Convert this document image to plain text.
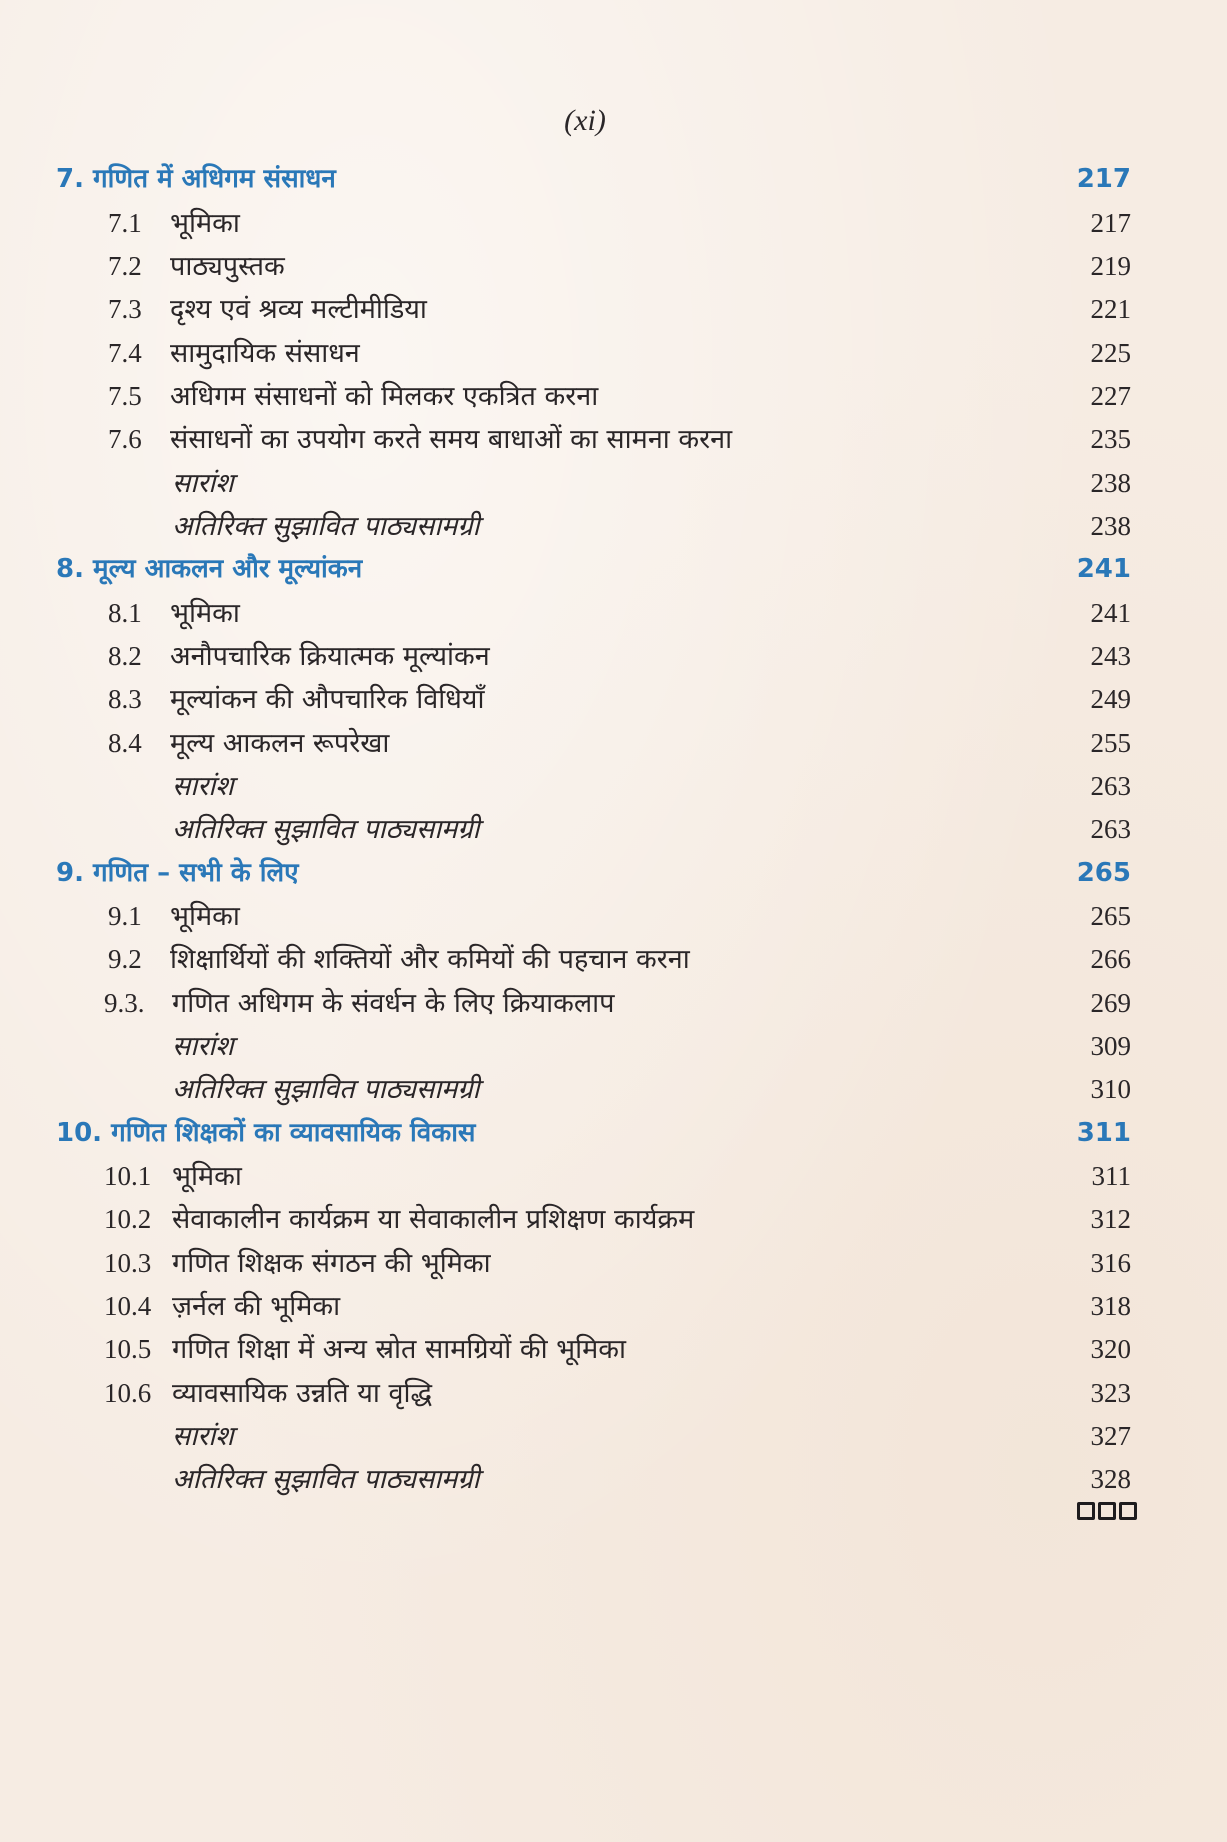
(xi)
7. गणित में अधिगम संसाधन	217
7.1 भूमिका	217
7.2 पाठ्यपुस्तक	219
7.3 दृश्य एवं श्रव्य मल्टीमीडिया	221
7.4 सामुदायिक संसाधन	225
7.5 अधिगम संसाधनों को मिलकर एकत्रित करना	227
7.6 संसाधनों का उपयोग करते समय बाधाओं का सामना करना	235
सारांश	238
अतिरिक्त सुझावित पाठ्यसामग्री	238
8. मूल्य आकलन और मूल्यांकन	241
8.1 भूमिका	241
8.2 अनौपचारिक क्रियात्मक मूल्यांकन	243
8.3 मूल्यांकन की औपचारिक विधियाँ	249
8.4 मूल्य आकलन रूपरेखा	255
सारांश	263
अतिरिक्त सुझावित पाठ्यसामग्री	263
9. गणित – सभी के लिए	265
9.1 भूमिका	265
9.2 शिक्षार्थियों की शक्तियों और कमियों की पहचान करना	266
9.3. गणित अधिगम के संवर्धन के लिए क्रियाकलाप	269
सारांश	309
अतिरिक्त सुझावित पाठ्यसामग्री	310
10. गणित शिक्षकों का व्यावसायिक विकास	311
10.1 भूमिका	311
10.2 सेवाकालीन कार्यक्रम या सेवाकालीन प्रशिक्षण कार्यक्रम	312
10.3 गणित शिक्षक संगठन की भूमिका	316
10.4 ज़र्नल की भूमिका	318
10.5 गणित शिक्षा में अन्य स्रोत सामग्रियों की भूमिका	320
10.6 व्यावसायिक उन्नति या वृद्धि	323
सारांश	327
अतिरिक्त सुझावित पाठ्यसामग्री	328
